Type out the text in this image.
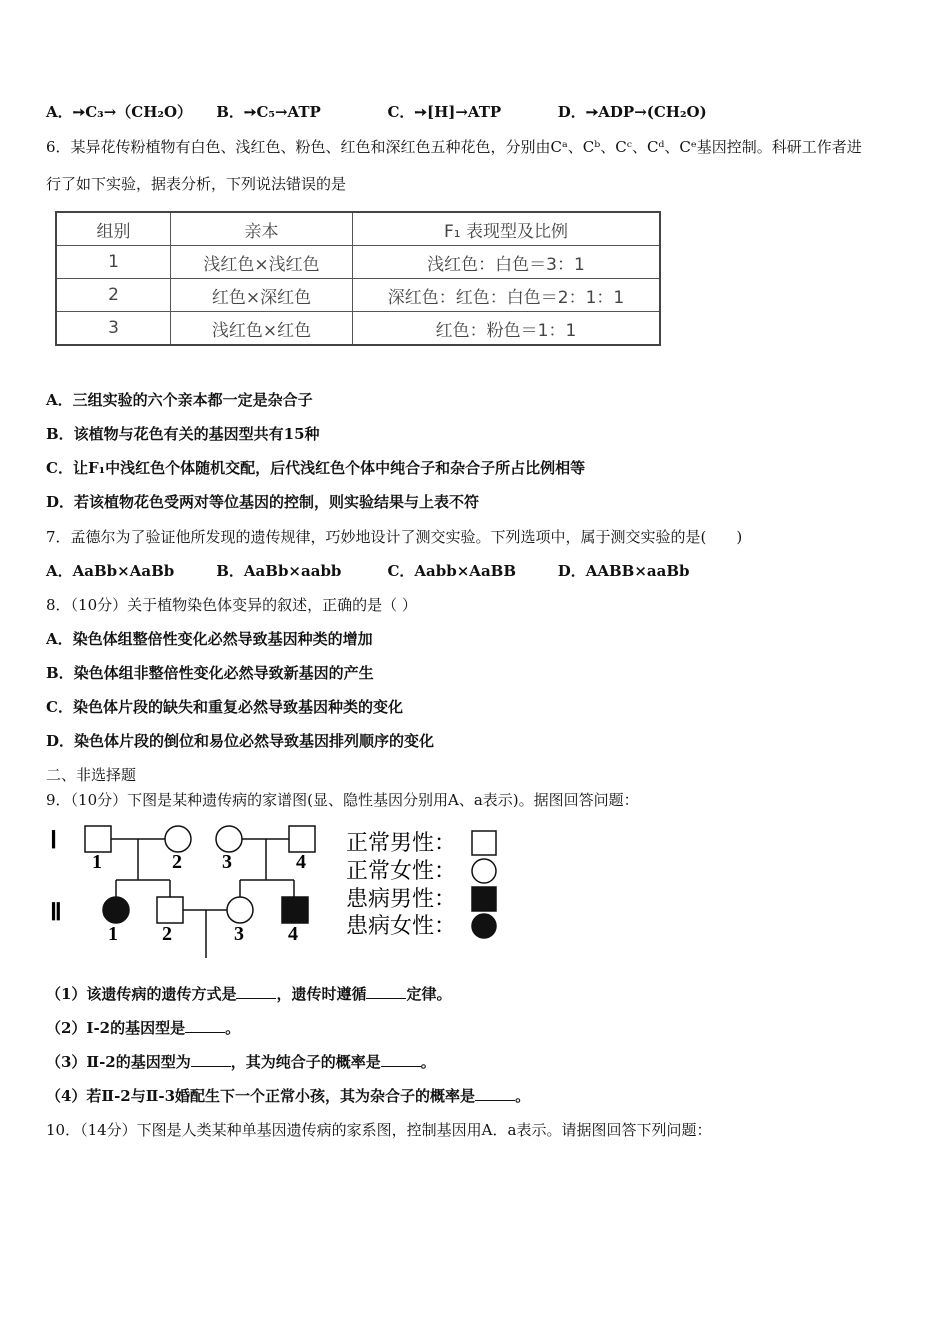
A．➙C₃→（CH₂O） B．➙C₅→ATP	C．➙[H]→ATP	D．➙ADP→(CH₂O)
6．某异花传粉植物有白色、浅红色、粉色、红色和深红色五种花色，分别由Cᵃ、Cᵇ、Cᶜ、Cᵈ、Cᵉ基因控制。科研工作者进
行了如下实验，据表分析，下列说法错误的是
组别	亲本	F₁ 表现型及比例
1	浅红色×浅红色	浅红色：白色＝3：1
2	红色×深红色	深红色：红色：白色＝2：1：1
3	浅红色×红色	红色：粉色＝1：1
A．三组实验的六个亲本都一定是杂合子
B．该植物与花色有关的基因型共有15种
C．让F₁中浅红色个体随机交配，后代浅红色个体中纯合子和杂合子所占比例相等
D．若该植物花色受两对等位基因的控制，则实验结果与上表不符
7．孟德尔为了验证他所发现的遗传规律，巧妙地设计了测交实验。下列选项中，属于测交实验的是(　　)
A．AaBb×AaBb	B．AaBb×aabb	C．Aabb×AaBB	D．AABB×aaBb
8．（10分）关于植物染色体变异的叙述，正确的是（ ）
A．染色体组整倍性变化必然导致基因种类的增加
B．染色体组非整倍性变化必然导致新基因的产生
C．染色体片段的缺失和重复必然导致基因种类的变化
D．染色体片段的倒位和易位必然导致基因排列顺序的变化
二、非选择题
9．（10分）下图是某种遗传病的家谱图(显、隐性基因分别用A、a表示)。据图回答问题：
Ⅰ
Ⅱ
1	2 3	4
1 2	3 4
正常男性：
正常女性：
患病男性：
患病女性：
（1）该遗传病的遗传方式是	，遗传时遵循	定律。
（2）Ⅰ-2的基因型是	。
（3）Ⅱ-2的基因型为	，其为纯合子的概率是	。
（4）若Ⅱ-2与Ⅱ-3婚配生下一个正常小孩，其为杂合子的概率是	。
10．（14分）下图是人类某种单基因遗传病的家系图，控制基因用A．a表示。请据图回答下列问题：
